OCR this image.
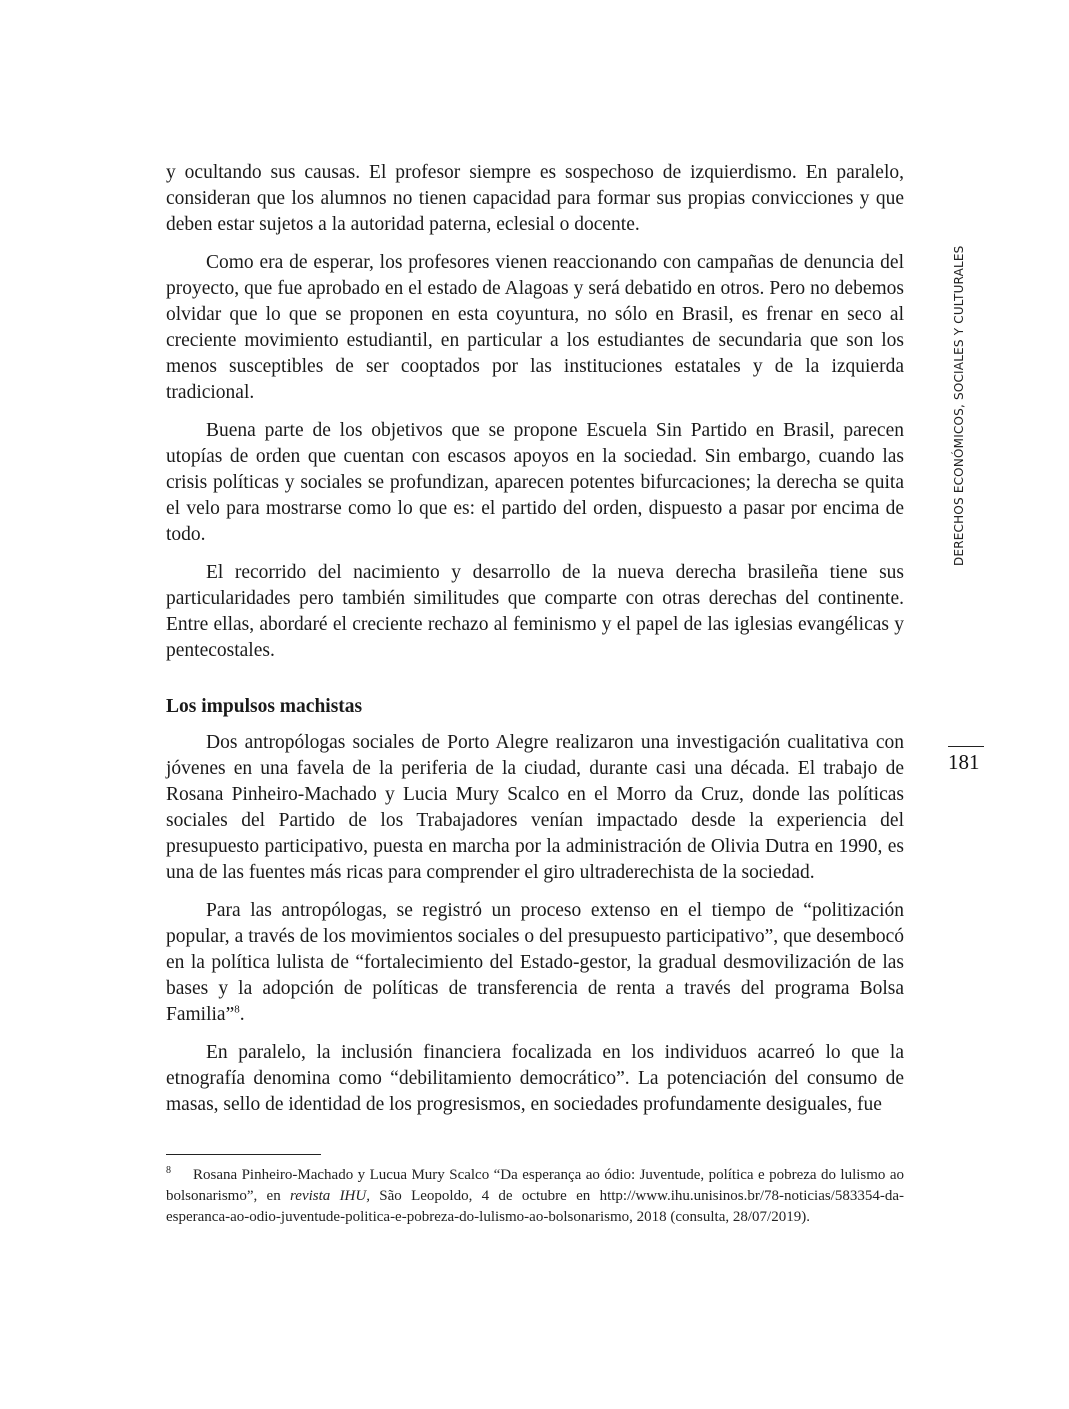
y ocultando sus causas. El profesor siempre es sospechoso de izquierdismo. En paralelo, consideran que los alumnos no tienen capacidad para formar sus propias convicciones y que deben estar sujetos a la autoridad paterna, eclesial o docente.

Como era de esperar, los profesores vienen reaccionando con campañas de denuncia del proyecto, que fue aprobado en el estado de Alagoas y será debatido en otros. Pero no debemos olvidar que lo que se proponen en esta coyuntura, no sólo en Brasil, es frenar en seco al creciente movimiento estudiantil, en particular a los estudiantes de secundaria que son los menos susceptibles de ser cooptados por las instituciones estatales y de la izquierda tradicional.

Buena parte de los objetivos que se propone Escuela Sin Partido en Brasil, parecen utopías de orden que cuentan con escasos apoyos en la sociedad. Sin embargo, cuando las crisis políticas y sociales se profundizan, aparecen potentes bifurcaciones; la derecha se quita el velo para mostrarse como lo que es: el partido del orden, dispuesto a pasar por encima de todo.

El recorrido del nacimiento y desarrollo de la nueva derecha brasileña tiene sus particularidades pero también similitudes que comparte con otras derechas del continente. Entre ellas, abordaré el creciente rechazo al feminismo y el papel de las iglesias evangélicas y pentecostales.

Los impulsos machistas

Dos antropólogas sociales de Porto Alegre realizaron una investigación cualitativa con jóvenes en una favela de la periferia de la ciudad, durante casi una década. El trabajo de Rosana Pinheiro-Machado y Lucia Mury Scalco en el Morro da Cruz, donde las políticas sociales del Partido de los Trabajadores venían impactado desde la experiencia del presupuesto participativo, puesta en marcha por la administración de Olivia Dutra en 1990, es una de las fuentes más ricas para comprender el giro ultraderechista de la sociedad.

Para las antropólogas, se registró un proceso extenso en el tiempo de “politización popular, a través de los movimientos sociales o del presupuesto participativo”, que desembocó en la política lulista de “fortalecimiento del Estado-gestor, la gradual desmovilización de las bases y la adopción de políticas de transferencia de renta a través del programa Bolsa Familia”$^8$.

En paralelo, la inclusión financiera focalizada en los individuos acarreó lo que la etnografía denomina como “debilitamiento democrático”. La potenciación del consumo de masas, sello de identidad de los progresismos, en sociedades profundamente desiguales, fue

DERECHOS ECONÓMICOS, SOCIALES Y CULTURALES
181
$^8$ Rosana Pinheiro-Machado y Lucua Mury Scalco “Da esperança ao ódio: Juventude, política e pobreza do lulismo ao bolsonarismo”, en revista IHU, São Leopoldo, 4 de octubre en http://www.ihu.unisinos.br/78-noticias/583354-da-esperanca-ao-odio-juventude-politica-e-pobreza-do-lulismo-ao-bolsonarismo, 2018 (consulta, 28/07/2019).
